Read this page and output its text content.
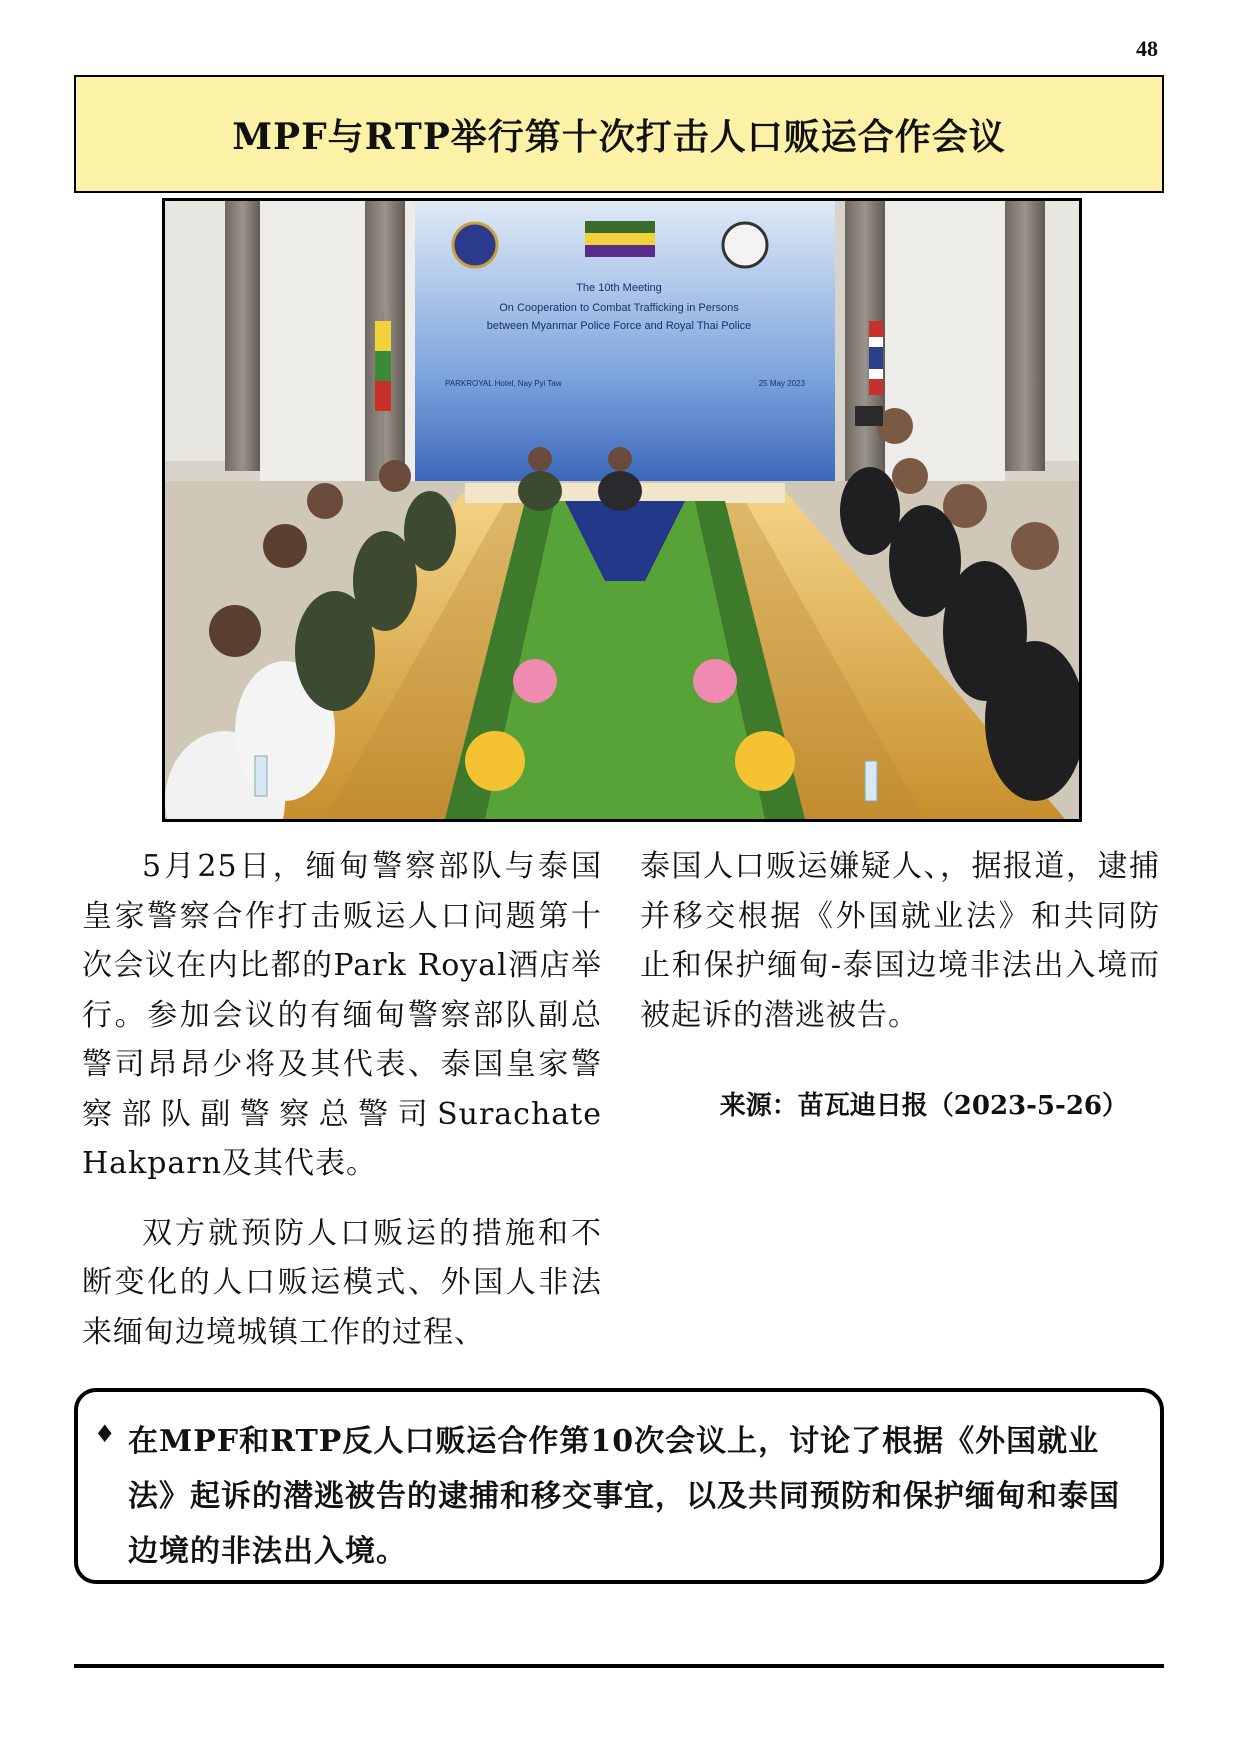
48
MPF与RTP举行第十次打击人口贩运合作会议
The 10th Meeting
On Cooperation to Combat Trafficking in Persons
between Myanmar Police Force and Royal Thai Police
PARKROYAL Hotel, Nay Pyi Taw	25 May 2023

5月25日，缅甸警察部队与泰国皇家警察合作打击贩运人口问题第十次会议在内比都的Park Royal酒店举行。参加会议的有缅甸警察部队副总警司昂昂少将及其代表、泰国皇家警察部队副警察总警司Surachate Hakparn及其代表。

双方就预防人口贩运的措施和不断变化的人口贩运模式、外国人非法来缅甸边境城镇工作的过程、

泰国人口贩运嫌疑人、，据报道，逮捕并移交根据《外国就业法》和共同防止和保护缅甸-泰国边境非法出入境而被起诉的潜逃被告。

来源：苗瓦迪日报（2023-5-26）
♦ 在MPF和RTP反人口贩运合作第10次会议上，讨论了根据《外国就业法》起诉的潜逃被告的逮捕和移交事宜，以及共同预防和保护缅甸和泰国边境的非法出入境。
